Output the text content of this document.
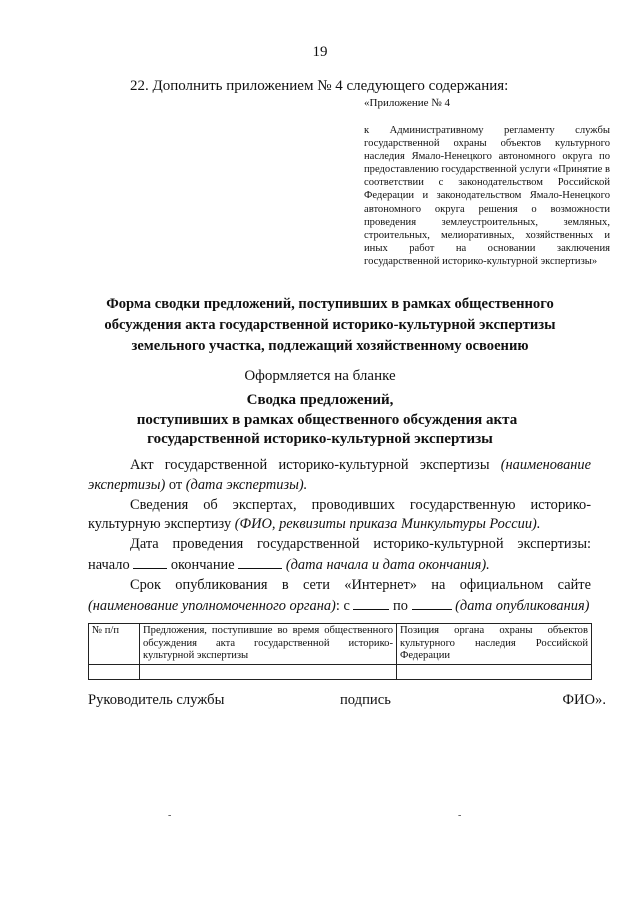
19
22. Дополнить приложением № 4 следующего содержания:
«Приложение № 4
к Административному регламенту службы государственной охраны объектов культурного наследия Ямало-Ненецкого автономного округа по предоставлению государственной услуги «Принятие в соответствии с законодательством Российской Федерации и законодательством Ямало-Ненецкого автономного округа решения о возможности проведения землеустроительных, земляных, строительных, мелиоративных, хозяйственных и иных работ на основании заключения государственной историко-культурной экспертизы»
Форма сводки предложений, поступивших в рамках общественного
обсуждения акта государственной историко-культурной экспертизы
земельного участка, подлежащий хозяйственному освоению
Оформляется на бланке
Сводка предложений,
поступивших в рамках общественного обсуждения акта
государственной историко-культурной экспертизы

Акт государственной историко-культурной экспертизы (наименование экспертизы) от (дата экспертизы).

Сведения об экспертах, проводивших государственную историко-культурную экспертизу (ФИО, реквизиты приказа Минкультуры России).

Дата проведения государственной историко-культурной экспертизы: начало  окончание	(дата начала и дата окончания).

Срок опубликования в сети «Интернет» на официальном сайте (наименование уполномоченного органа): с	по	(дата опубликования)

№ п/п	Предложения, поступившие во время общественного обсуждения акта государственной историко-культурной экспертизы	Позиция органа охраны объектов культурного наследия Российской Федерации

Руководитель службы	подпись	ФИО».
-	-
